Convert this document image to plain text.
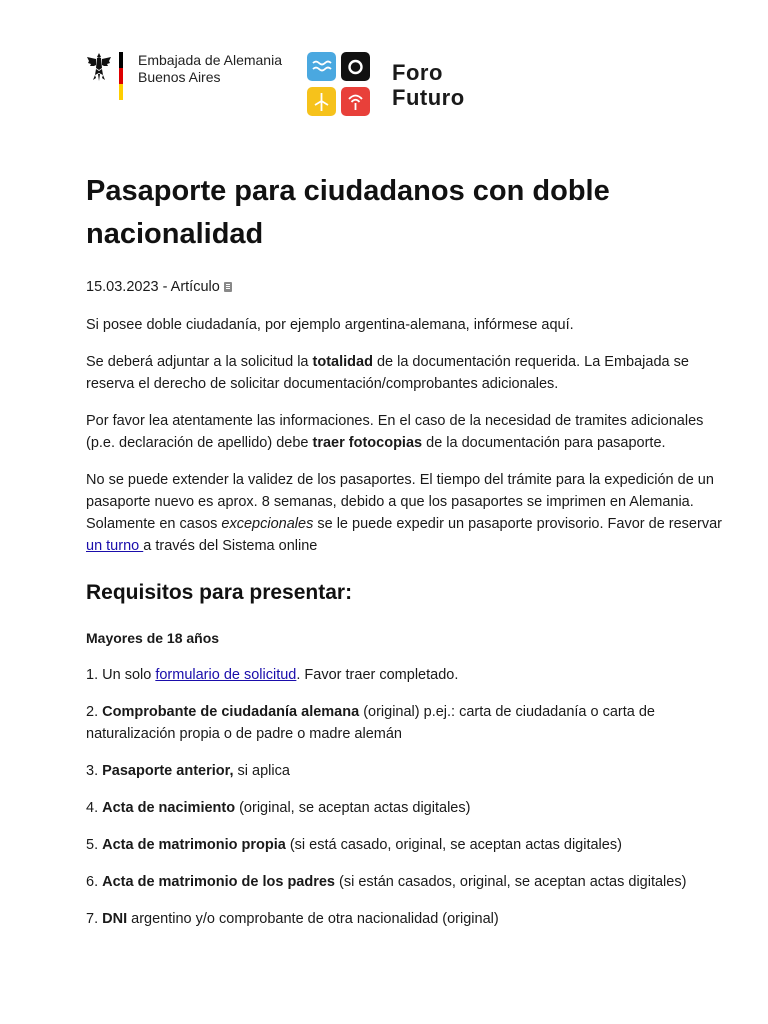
Embajada de Alemania
Buenos Aires	Foro
Futuro
Pasaporte para ciudadanos con doble nacionalidad

15.03.2023 - Artículo

Si posee doble ciudadanía, por ejemplo argentina-alemana, infórmese aquí.

Se deberá adjuntar a la solicitud la totalidad de la documentación requerida. La Embajada se reserva el derecho de solicitar documentación/comprobantes adicionales.

Por favor lea atentamente las informaciones. En el caso de la necesidad de tramites adicionales (p.e. declaración de apellido) debe traer fotocopias de la documentación para pasaporte.

No se puede extender la validez de los pasaportes. El tiempo del trámite para la expedición de un pasaporte nuevo es aprox. 8 semanas, debido a que los pasaportes se imprimen en Alemania. Solamente en casos excepcionales se le puede expedir un pasaporte provisorio. Favor de reservar un turno a través del Sistema online

Requisitos para presentar:

Mayores de 18 años

1. Un solo formulario de solicitud. Favor traer completado.

2. Comprobante de ciudadanía alemana (original) p.ej.: carta de ciudadanía o carta de naturalización propia o de padre o madre alemán

3. Pasaporte anterior, si aplica

4. Acta de nacimiento (original, se aceptan actas digitales)

5. Acta de matrimonio propia (si está casado, original, se aceptan actas digitales)

6. Acta de matrimonio de los padres (si están casados, original, se aceptan actas digitales)

7. DNI argentino y/o comprobante de otra nacionalidad (original)
